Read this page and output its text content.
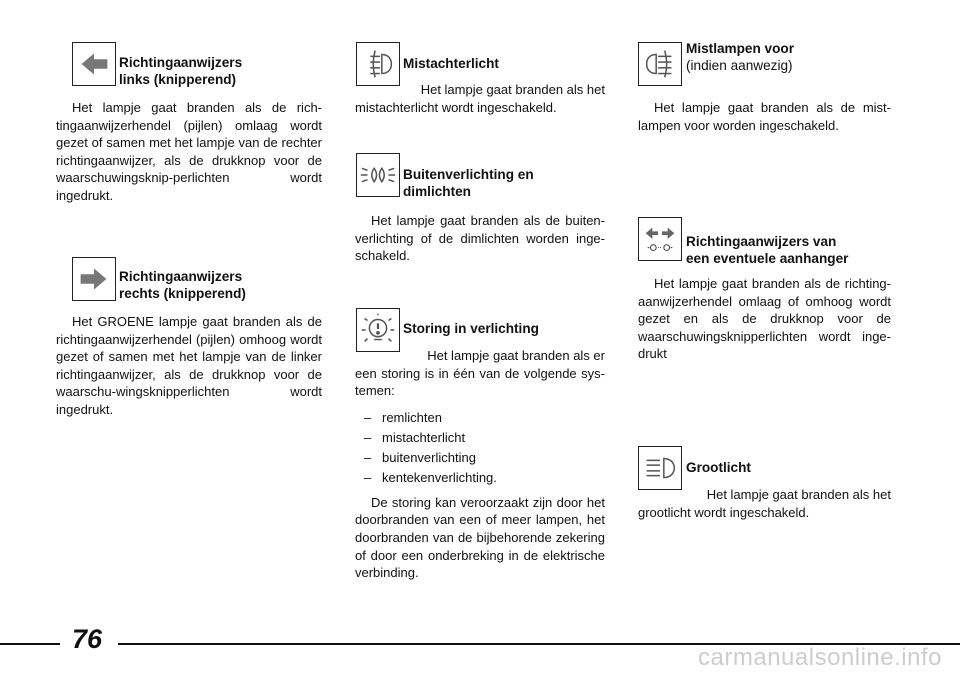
Richtingaanwijzers
links (knipperend)

Het lampje gaat branden als de rich-tingaanwijzerhendel (pijlen) omlaag wordt gezet of samen met het lampje van de rechter richtingaanwijzer, als de drukknop voor de waarschuwingsknip-perlichten wordt ingedrukt.

Richtingaanwijzers
rechts (knipperend)

Het GROENE lampje gaat branden als de richtingaanwijzerhendel (pijlen) omhoog wordt gezet of samen met het lampje van de linker richtingaanwijzer, als de drukknop voor de waarschu-wingsknipperlichten wordt ingedrukt.

Mistachterlicht

Het lampje gaat branden als het

mistachterlicht wordt ingeschakeld.

Buitenverlichting en
dimlichten

Het lampje gaat branden als de buiten-verlichting of de dimlichten worden inge-schakeld.

Storing in verlichting

Het lampje gaat branden als er

een storing is in één van de volgende sys-temen:

– remlichten
– mistachterlicht
– buitenverlichting
– kentekenverlichting.

De storing kan veroorzaakt zijn door het doorbranden van een of meer lampen, het doorbranden van de bijbehorende zekering of door een onderbreking in de elektrische verbinding.

Mistlampen voor
(indien aanwezig)

Het lampje gaat branden als de mist-lampen voor worden ingeschakeld.

Richtingaanwijzers van
een eventuele aanhanger

Het lampje gaat branden als de richting-aanwijzerhendel omlaag of omhoog wordt gezet en als de drukknop voor de waarschuwingsknipperlichten wordt inge-drukt

Grootlicht

Het lampje gaat branden als het

grootlicht wordt ingeschakeld.

76
carmanualsonline.info
